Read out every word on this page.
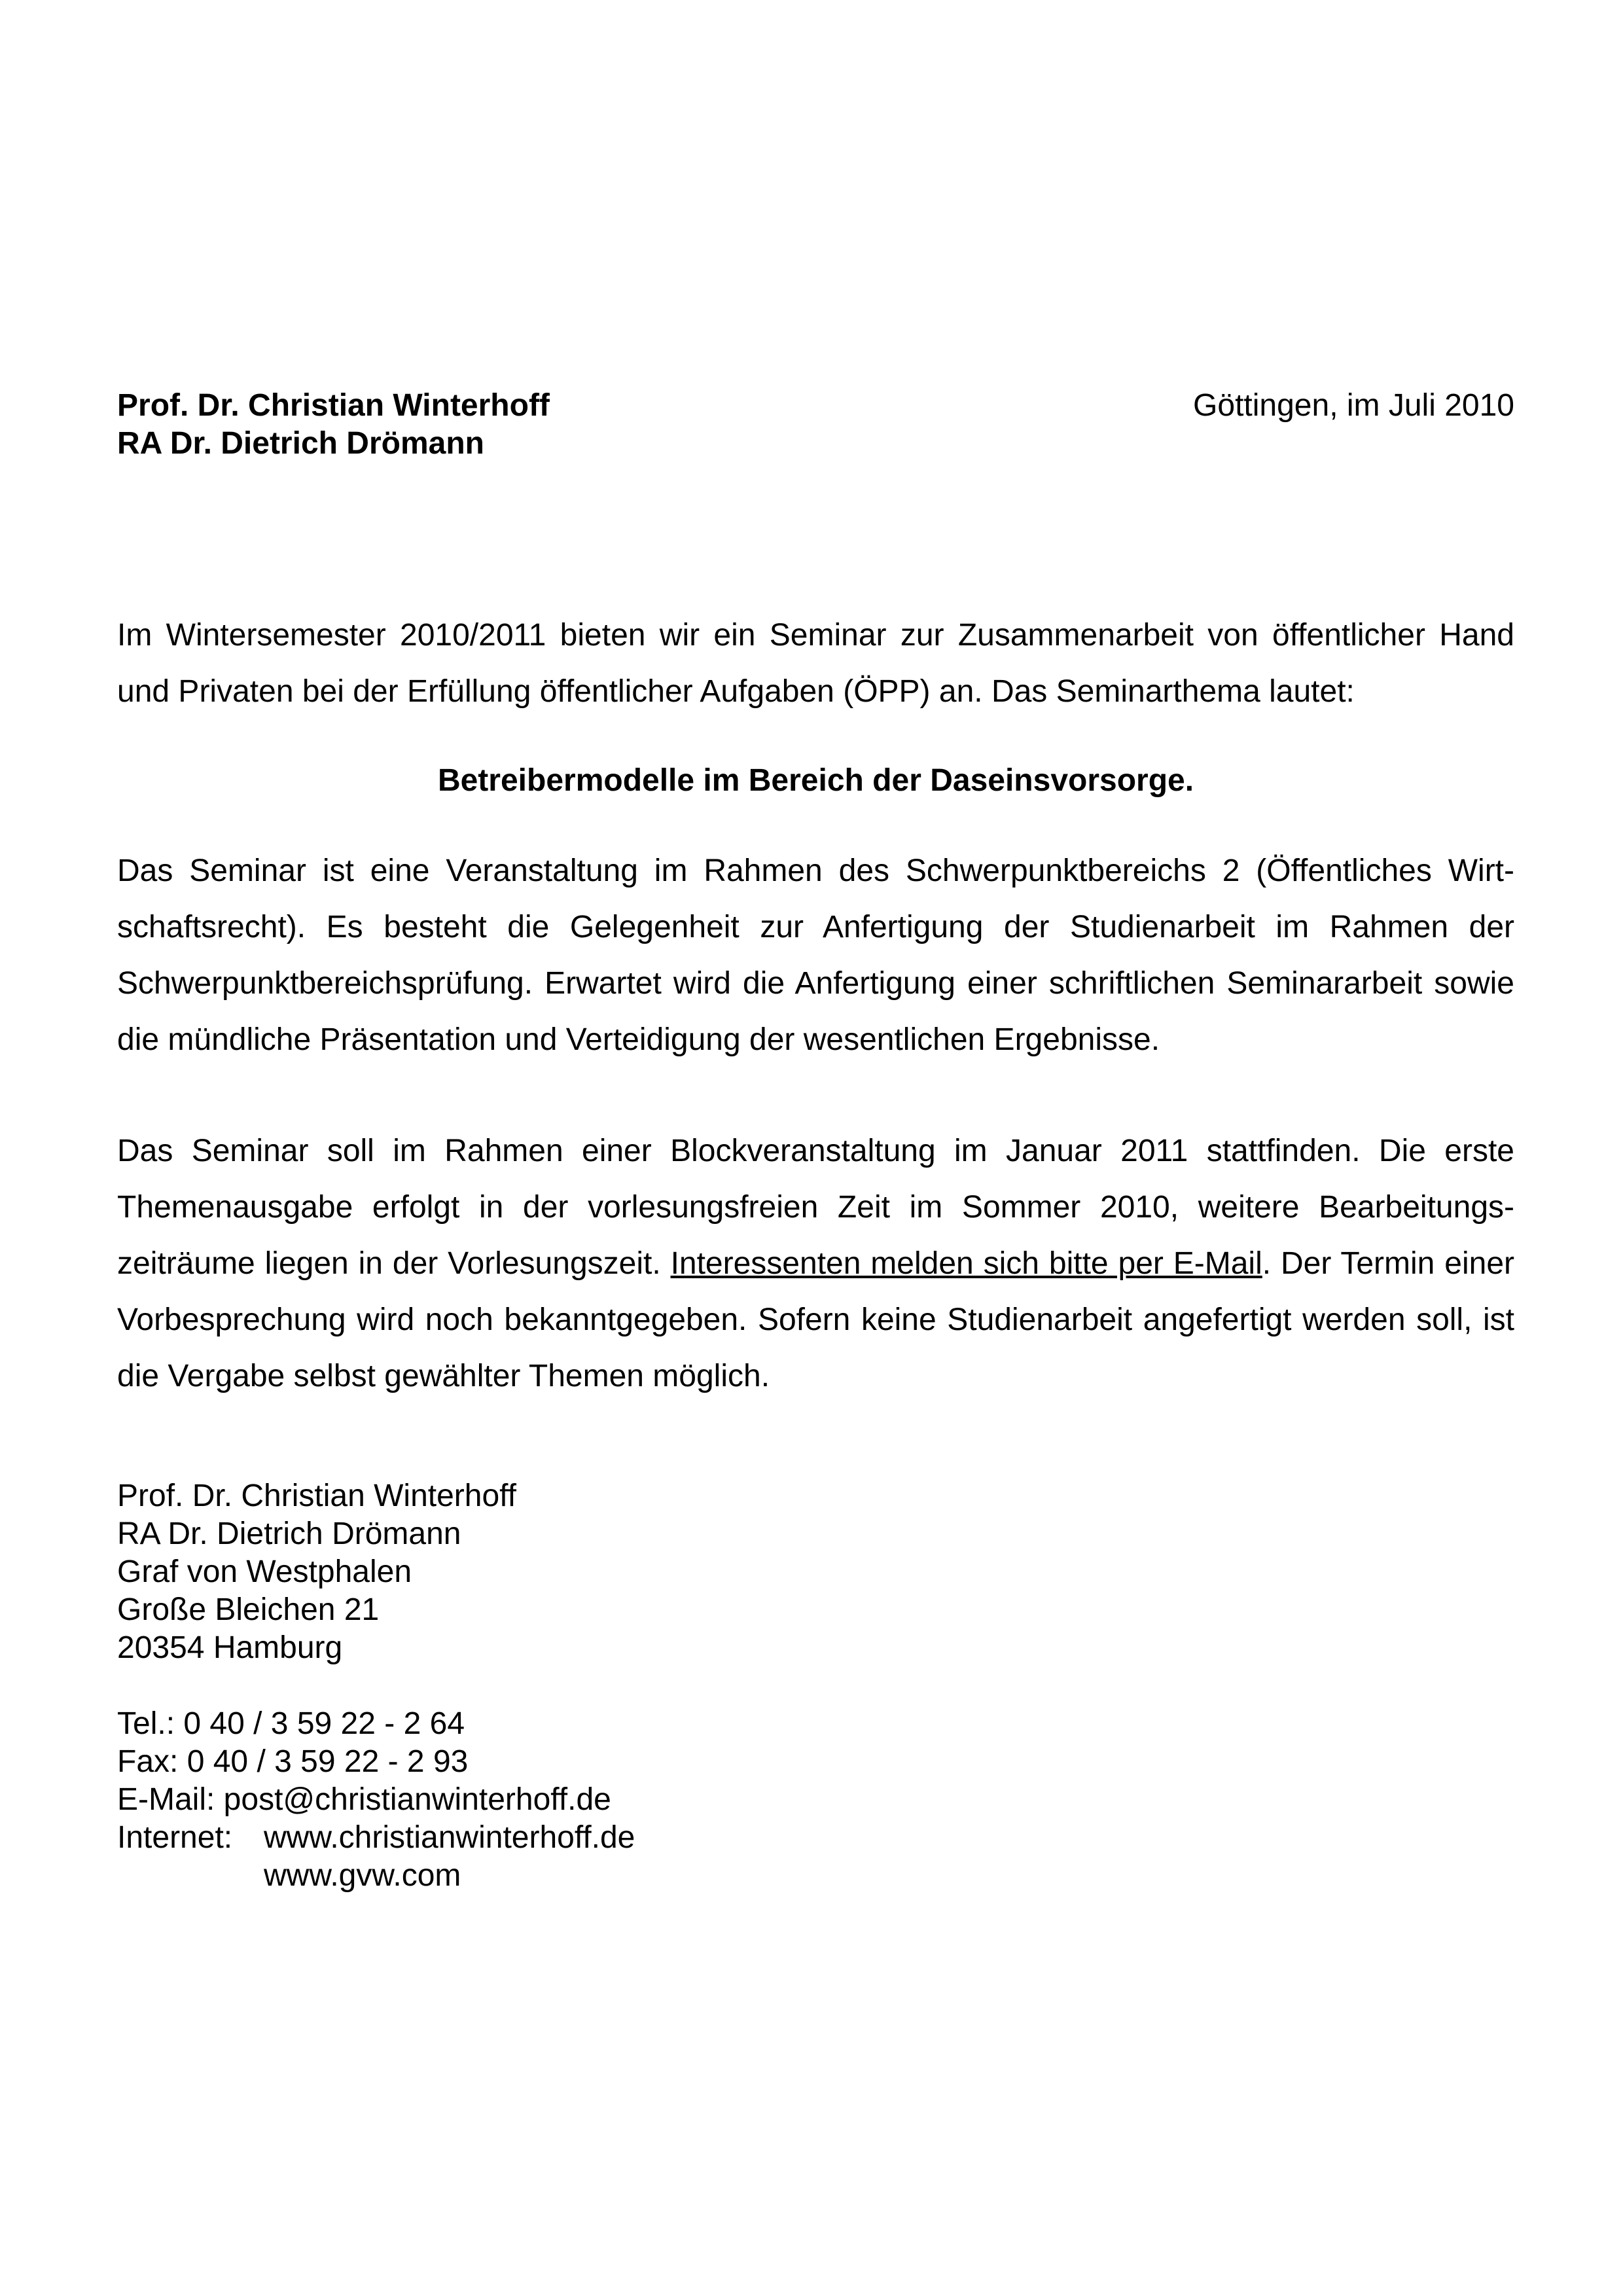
Prof. Dr. Christian Winterhoff
RA Dr. Dietrich Drömann
Göttingen, im Juli 2010
Im Wintersemester 2010/2011 bieten wir ein Seminar zur Zusammenarbeit von öffentlicher Hand und Privaten bei der Erfüllung öffentlicher Aufgaben (ÖPP) an. Das Seminarthema lautet:
Betreibermodelle im Bereich der Daseinsvorsorge.
Das Seminar ist eine Veranstaltung im Rahmen des Schwerpunktbereichs 2 (Öffentliches Wirtschaftsrecht). Es besteht die Gelegenheit zur Anfertigung der Studienarbeit im Rahmen der Schwerpunktbereichsprüfung. Erwartet wird die Anfertigung einer schriftlichen Seminararbeit sowie die mündliche Präsentation und Verteidigung der wesentlichen Ergebnisse.
Das Seminar soll im Rahmen einer Blockveranstaltung im Januar 2011 stattfinden. Die erste Themenausgabe erfolgt in der vorlesungsfreien Zeit im Sommer 2010, weitere Bearbeitungszeiträume liegen in der Vorlesungszeit. Interessenten melden sich bitte per E-Mail. Der Termin einer Vorbesprechung wird noch bekanntgegeben. Sofern keine Studienarbeit angefertigt werden soll, ist die Vergabe selbst gewählter Themen möglich.
Prof. Dr. Christian Winterhoff
RA Dr. Dietrich Drömann
Graf von Westphalen
Große Bleichen 21
20354 Hamburg
Tel.: 0 40 / 3 59 22 - 2 64
Fax: 0 40 / 3 59 22 - 2 93
E-Mail: post@christianwinterhoff.de
Internet: www.christianwinterhoff.de
www.gvw.com
